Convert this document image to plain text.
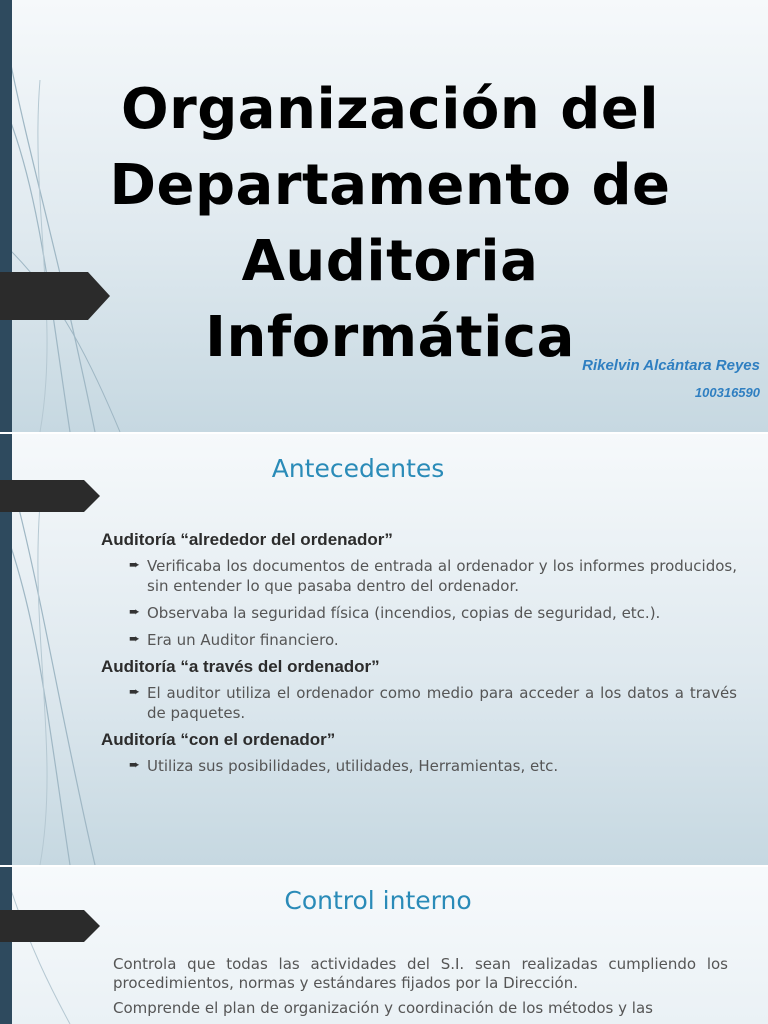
Organización del
Departamento de
Auditoria
Informática Rikelvin Alcántara Reyes
100316590
Antecedentes
Auditoría “alrededor del ordenador”
➨ Verificaba los documentos de entrada al ordenador y los informes producidos, sin entender lo que pasaba dentro del ordenador.
➨ Observaba la seguridad física (incendios, copias de seguridad, etc.).
➨ Era un Auditor financiero.
Auditoría “a través del ordenador”
➨ El auditor utiliza el ordenador como medio para acceder a los datos a través de paquetes.
Auditoría “con el ordenador”
➨ Utiliza sus posibilidades, utilidades, Herramientas, etc.
Control interno
Controla que todas las actividades del S.I. sean realizadas cumpliendo los procedimientos, normas y estándares fijados por la Dirección.
Comprende el plan de organización y coordinación de los métodos y las
